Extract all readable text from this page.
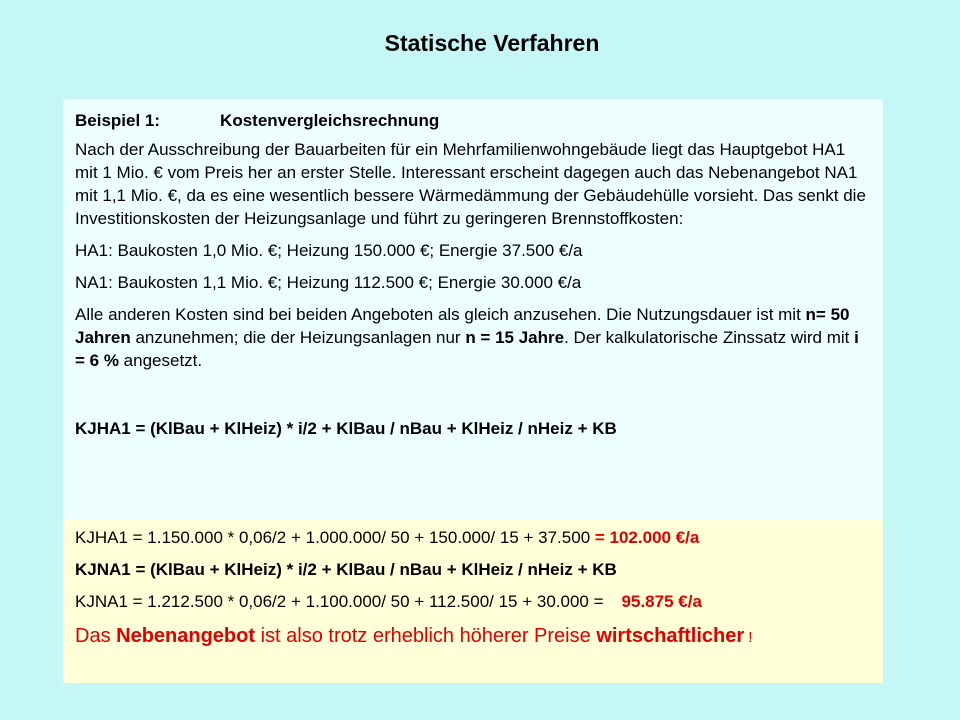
Statische Verfahren

Beispiel 1:	Kostenvergleichsrechnung

Nach der Ausschreibung der Bauarbeiten für ein Mehrfamilienwohngebäude liegt das Hauptgebot HA1 mit 1 Mio. € vom Preis her an erster Stelle. Interessant erscheint dagegen auch das Nebenangebot NA1 mit 1,1 Mio. €, da es eine wesentlich bessere Wärmedämmung der Gebäudehülle vorsieht. Das senkt die Investitionskosten der Heizungsanlage und führt zu geringeren Brennstoffkosten:

HA1: Baukosten 1,0 Mio. €; Heizung 150.000 €; Energie 37.500 €/a

NA1: Baukosten 1,1 Mio. €; Heizung 112.500 €; Energie 30.000 €/a

Alle anderen Kosten sind bei beiden Angeboten als gleich anzusehen. Die Nutzungsdauer ist mit n= 50 Jahren anzunehmen; die der Heizungsanlagen nur n = 15 Jahre. Der kalkulatorische Zinssatz wird mit i = 6 % angesetzt.

KJHA1 = (KlBau + KlHeiz) * i/2 + KlBau / nBau + KlHeiz / nHeiz + KB

KJHA1 = 1.150.000 * 0,06/2 + 1.000.000/ 50 + 150.000/ 15 + 37.500 = 102.000 €/a

KJNA1 = (KlBau + KlHeiz) * i/2 + KlBau / nBau + KlHeiz / nHeiz + KB

KJNA1 = 1.212.500 * 0,06/2 + 1.100.000/ 50 + 112.500/ 15 + 30.000 = 95.875 €/a

Das Nebenangebot ist also trotz erheblich höherer Preise wirtschaftlicher !
